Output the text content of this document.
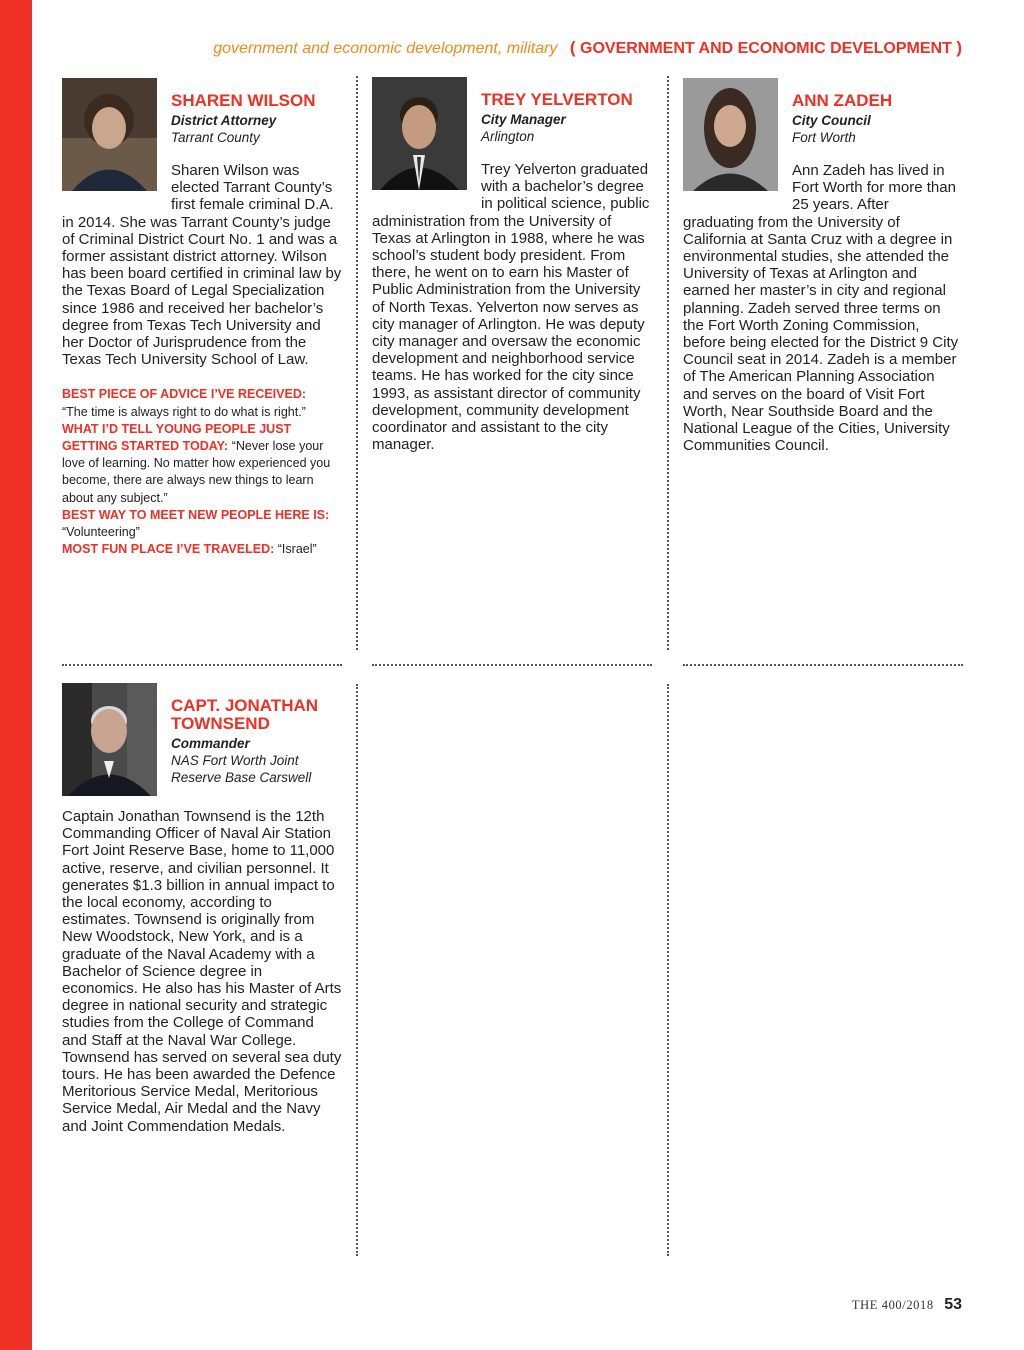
government and economic development, military ( GOVERNMENT AND ECONOMIC DEVELOPMENT )
SHAREN WILSON
District Attorney
Tarrant County

Sharen Wilson was elected Tarrant County’s first female criminal D.A. in 2014. She was Tarrant County’s judge of Criminal District Court No. 1 and was a former assistant district attorney. Wilson has been board certified in criminal law by the Texas Board of Legal Specialization since 1986 and received her bachelor’s degree from Texas Tech University and her Doctor of Jurisprudence from the Texas Tech University School of Law.

BEST PIECE OF ADVICE I’VE RECEIVED:
“The time is always right to do what is right.”
WHAT I’D TELL YOUNG PEOPLE JUST GETTING STARTED TODAY: “Never lose your love of learning. No matter how experienced you become, there are always new things to learn about any subject.”
BEST WAY TO MEET NEW PEOPLE HERE IS: “Volunteering”
MOST FUN PLACE I’VE TRAVELED: “Israel”
TREY YELVERTON
City Manager
Arlington

Trey Yelverton graduated with a bachelor’s degree in political science, public administration from the University of Texas at Arlington in 1988, where he was school’s student body president. From there, he went on to earn his Master of Public Administration from the University of North Texas. Yelverton now serves as city manager of Arlington. He was deputy city manager and oversaw the economic development and neighborhood service teams. He has worked for the city since 1993, as assistant director of community development, community development coordinator and assistant to the city manager.

ANN ZADEH
City Council
Fort Worth

Ann Zadeh has lived in Fort Worth for more than 25 years. After graduating from the University of California at Santa Cruz with a degree in environmental studies, she attended the University of Texas at Arlington and earned her master’s in city and regional planning. Zadeh served three terms on the Fort Worth Zoning Commission, before being elected for the District 9 City Council seat in 2014. Zadeh is a member of The American Planning Association and serves on the board of Visit Fort Worth, Near Southside Board and the National League of the Cities, University Communities Council.

CAPT. JONATHAN TOWNSEND
Commander
NAS Fort Worth Joint Reserve Base Carswell

Captain Jonathan Townsend is the 12th Commanding Officer of Naval Air Station Fort Joint Reserve Base, home to 11,000 active, reserve, and civilian personnel. It generates $1.3 billion in annual impact to the local economy, according to estimates. Townsend is originally from New Woodstock, New York, and is a graduate of the Naval Academy with a Bachelor of Science degree in economics. He also has his Master of Arts degree in national security and strategic studies from the College of Command and Staff at the Naval War College. Townsend has served on several sea duty tours. He has been awarded the Defence Meritorious Service Medal, Meritorious Service Medal, Air Medal and the Navy and Joint Commendation Medals.

THE 400/2018 53
